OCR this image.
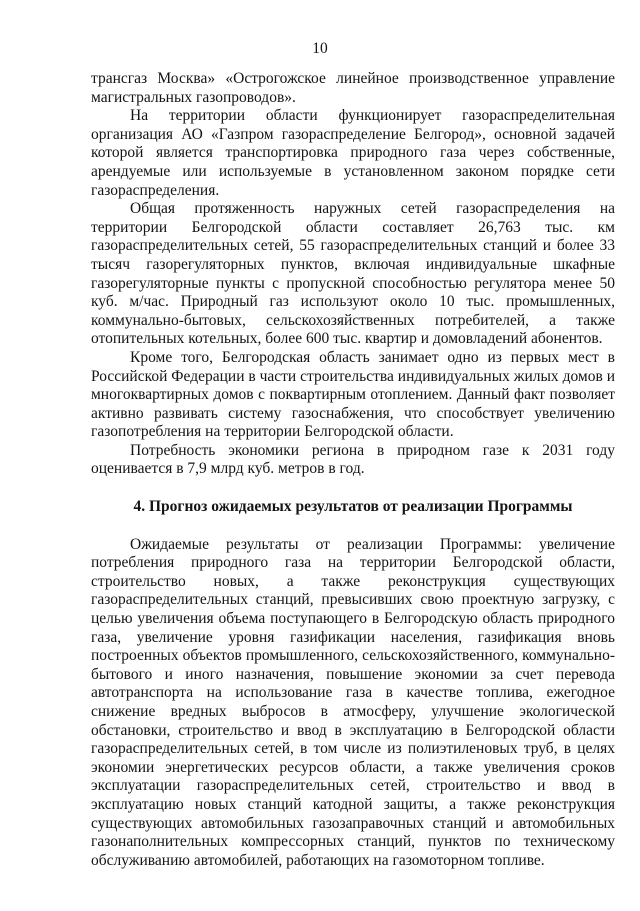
10

трансгаз Москва» «Острогожское линейное производственное управление магистральных газопроводов».

На территории области функционирует газораспределительная организация АО «Газпром газораспределение Белгород», основной задачей которой является транспортировка природного газа через собственные, арендуемые или используемые в установленном законом порядке сети газораспределения.

Общая протяженность наружных сетей газораспределения на территории Белгородской области составляет 26,763 тыс. км газораспределительных сетей, 55 газораспределительных станций и более 33 тысяч газорегуляторных пунктов, включая индивидуальные шкафные газорегуляторные пункты с пропускной способностью регулятора менее 50 куб. м/час. Природный газ используют около 10 тыс. промышленных, коммунально-бытовых, сельскохозяйственных потребителей, а также отопительных котельных, более 600 тыс. квартир и домовладений абонентов.

Кроме того, Белгородская область занимает одно из первых мест в Российской Федерации в части строительства индивидуальных жилых домов и многоквартирных домов с поквартирным отоплением. Данный факт позволяет активно развивать систему газоснабжения, что способствует увеличению газопотребления на территории Белгородской области.

Потребность экономики региона в природном газе к 2031 году оценивается в 7,9 млрд куб. метров в год.

4. Прогноз ожидаемых результатов от реализации Программы

Ожидаемые результаты от реализации Программы: увеличение потребления природного газа на территории Белгородской области, строительство новых, а также реконструкция существующих газораспределительных станций, превысивших свою проектную загрузку, с целью увеличения объема поступающего в Белгородскую область природного газа, увеличение уровня газификации населения, газификация вновь построенных объектов промышленного, сельскохозяйственного, коммунально-бытового и иного назначения, повышение экономии за счет перевода автотранспорта на использование газа в качестве топлива, ежегодное снижение вредных выбросов в атмосферу, улучшение экологической обстановки, строительство и ввод в эксплуатацию в Белгородской области газораспределительных сетей, в том числе из полиэтиленовых труб, в целях экономии энергетических ресурсов области, а также увеличения сроков эксплуатации газораспределительных сетей, строительство и ввод в эксплуатацию новых станций катодной защиты, а также реконструкция существующих автомобильных газозаправочных станций и автомобильных газонаполнительных компрессорных станций, пунктов по техническому обслуживанию автомобилей, работающих на газомоторном топливе.
